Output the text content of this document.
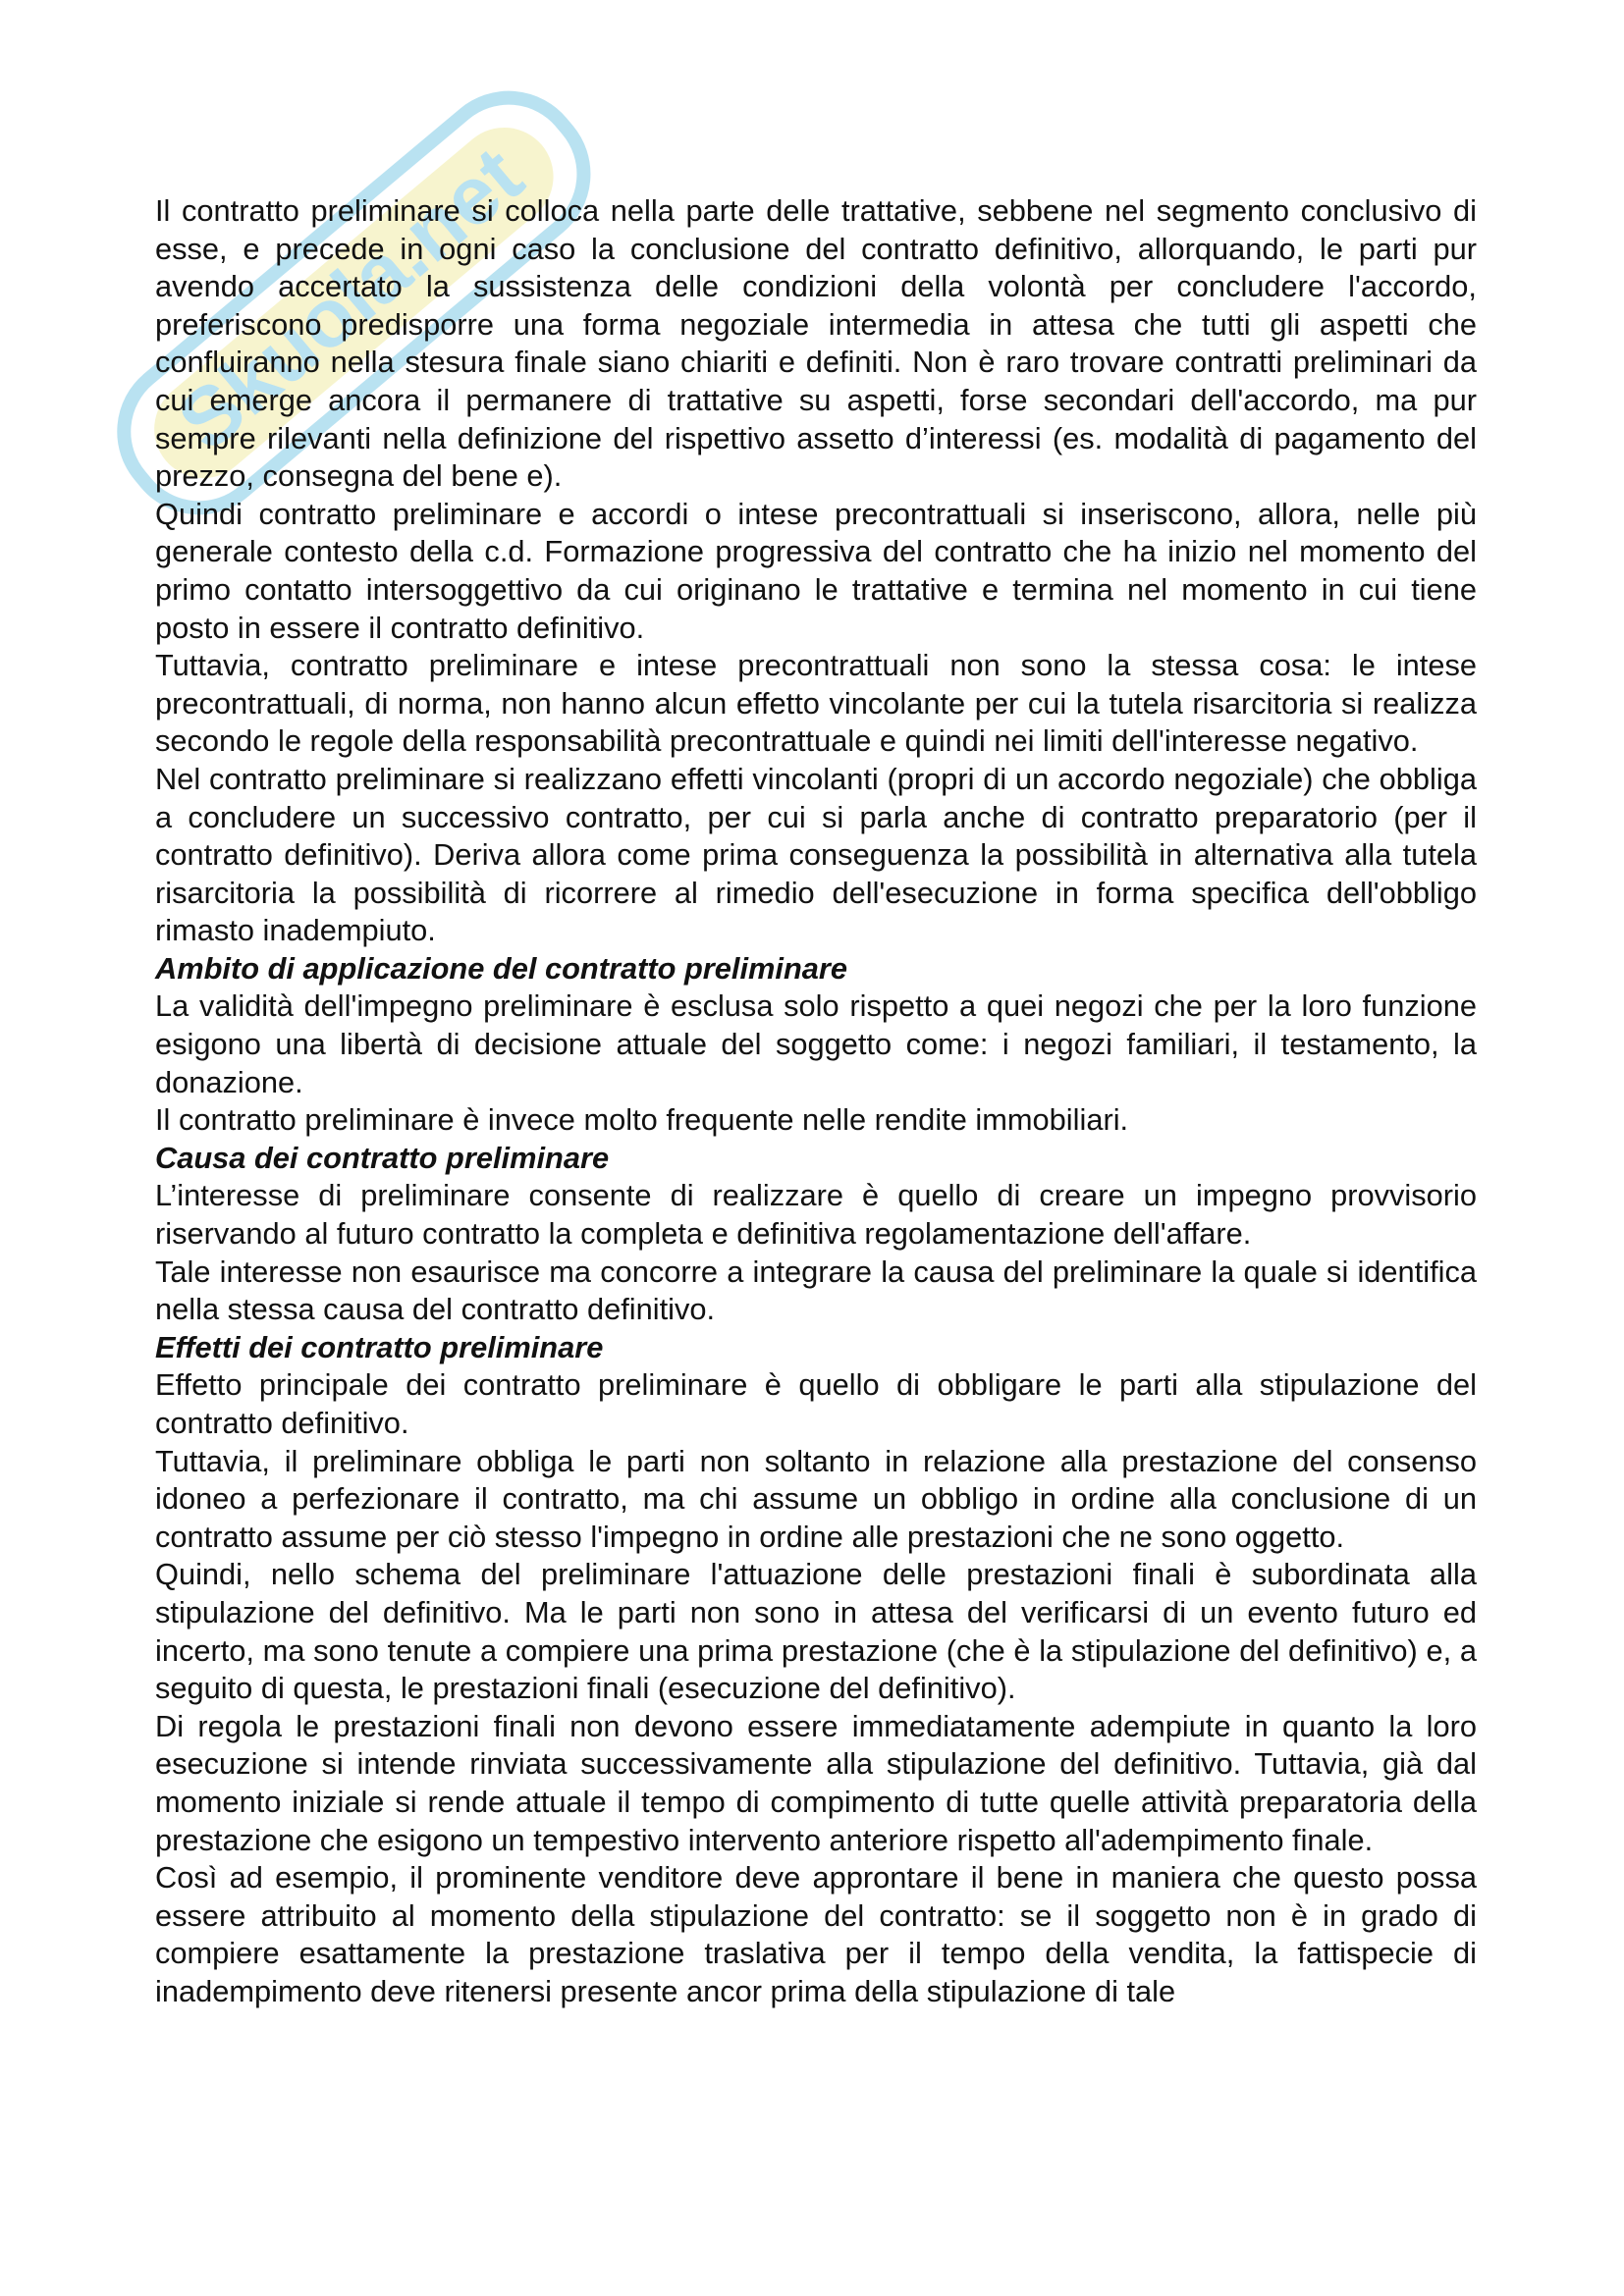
Skuola.net

Il contratto preliminare si colloca nella parte delle trattative, sebbene nel segmento conclusivo di esse, e precede in ogni caso la conclusione del contratto definitivo, allorquando, le parti pur avendo accertato la sussistenza delle condizioni della volontà per concludere l'accordo, preferiscono predisporre una forma negoziale intermedia in attesa che tutti gli aspetti che confluiranno nella stesura finale siano chiariti e definiti. Non è raro trovare contratti preliminari da cui emerge ancora il permanere di trattative su aspetti, forse secondari dell'accordo, ma pur sempre rilevanti nella definizione del rispettivo assetto d’interessi (es. modalità di pagamento del prezzo, consegna del bene e).

Quindi contratto preliminare e accordi o intese precontrattuali si inseriscono, allora, nelle più generale contesto della c.d. Formazione progressiva del contratto che ha inizio nel momento del primo contatto intersoggettivo da cui originano le trattative e termina nel momento in cui tiene posto in essere il contratto definitivo.

Tuttavia, contratto preliminare e intese precontrattuali non sono la stessa cosa: le intese precontrattuali, di norma, non hanno alcun effetto vincolante per cui la tutela risarcitoria si realizza secondo le regole della responsabilità precontrattuale e quindi nei limiti dell'interesse negativo.

Nel contratto preliminare si realizzano effetti vincolanti (propri di un accordo negoziale) che obbliga a concludere un successivo contratto, per cui si parla anche di contratto preparatorio (per il contratto definitivo). Deriva allora come prima conseguenza la possibilità in alternativa alla tutela risarcitoria la possibilità di ricorrere al rimedio dell'esecuzione in forma specifica dell'obbligo rimasto inadempiuto.

Ambito di applicazione del contratto preliminare

La validità dell'impegno preliminare è esclusa solo rispetto a quei negozi che per la loro funzione esigono una libertà di decisione attuale del soggetto come: i negozi familiari, il testamento, la donazione.

Il contratto preliminare è invece molto frequente nelle rendite immobiliari.

Causa dei contratto preliminare

L’interesse di preliminare consente di realizzare è quello di creare un impegno provvisorio riservando al futuro contratto la completa e definitiva regolamentazione dell'affare.

Tale interesse non esaurisce ma concorre a integrare la causa del preliminare la quale si identifica nella stessa causa del contratto definitivo.

Effetti dei contratto preliminare

Effetto principale dei contratto preliminare è quello di obbligare le parti alla stipulazione del contratto definitivo.

Tuttavia, il preliminare obbliga le parti non soltanto in relazione alla prestazione del consenso idoneo a perfezionare il contratto, ma chi assume un obbligo in ordine alla conclusione di un contratto assume per ciò stesso l'impegno in ordine alle prestazioni che ne sono oggetto.

Quindi, nello schema del preliminare l'attuazione delle prestazioni finali è subordinata alla stipulazione del definitivo. Ma le parti non sono in attesa del verificarsi di un evento futuro ed incerto, ma sono tenute a compiere una prima prestazione (che è la stipulazione del definitivo) e, a seguito di questa, le prestazioni finali (esecuzione del definitivo).

Di regola le prestazioni finali non devono essere immediatamente adempiute in quanto la loro esecuzione si intende rinviata successivamente alla stipulazione del definitivo. Tuttavia, già dal momento iniziale si rende attuale il tempo di compimento di tutte quelle attività preparatoria della prestazione che esigono un tempestivo intervento anteriore rispetto all'adempimento finale.

Così ad esempio, il prominente venditore deve approntare il bene in maniera che questo possa essere attribuito al momento della stipulazione del contratto: se il soggetto non è in grado di compiere esattamente la prestazione traslativa per il tempo della vendita, la fattispecie di inadempimento deve ritenersi presente ancor prima della stipulazione di tale
